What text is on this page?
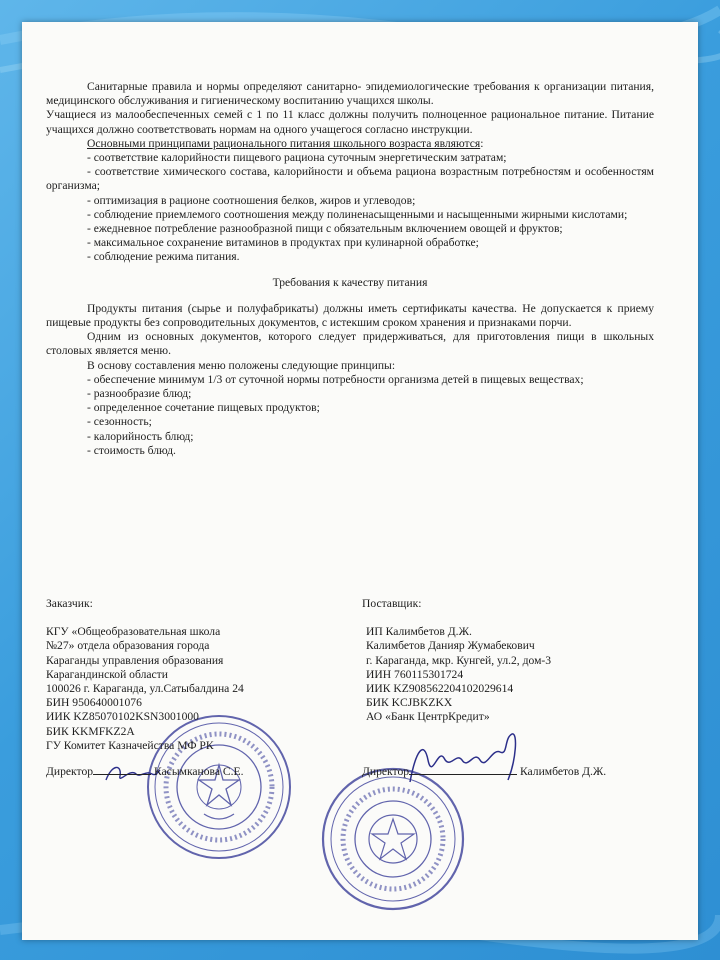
Санитарные правила и нормы определяют санитарно- эпидемиологические требования к организации питания, медицинского обслуживания и гигиеническому воспитанию учащихся школы.

Учащиеся из малообеспеченных семей с 1 по 11 класс должны получить полноценное рациональное питание. Питание учащихся должно соответствовать нормам на одного учащегося согласно инструкции.

Основными принципами рационального питания школьного возраста являются:

- соответствие калорийности пищевого рациона суточным энергетическим затратам;

- соответствие химического состава, калорийности и объема рациона возрастным потребностям и особенностям организма;

- оптимизация в рационе соотношения белков, жиров и углеводов;

- соблюдение приемлемого соотношения между полиненасыщенными и насыщенными жирными кислотами;

- ежедневное потребление разнообразной пищи с обязательным включением овощей и фруктов;

- максимальное сохранение витаминов в продуктах при кулинарной обработке;

- соблюдение режима питания.

Требования к качеству питания

Продукты питания (сырье и полуфабрикаты) должны иметь сертификаты качества. Не допускается к приему пищевые продукты без сопроводительных документов, с истекшим сроком хранения и признаками порчи.

Одним из основных документов, которого следует придерживаться, для приготовления пищи в школьных столовых является меню.

В основу составления меню положены следующие принципы:

- обеспечение минимум 1/3 от суточной нормы потребности организма детей в пищевых веществах;

- разнообразие блюд;

- определенное сочетание пищевых продуктов;

- сезонность;

- калорийность блюд;

- стоимость блюд.

Заказчик:

КГУ «Общеобразовательная школа

№27» отдела образования города

Караганды управления образования

Карагандинской области

100026 г. Караганда, ул.Сатыбалдина 24

БИН 950640001076

ИИК KZ85070102KSN3001000

БИК KKMFKZ2A

ГУ Комитет Казначейства МФ РК

Директор	Касымканова С.Е.

Поставщик:

ИП Калимбетов Д.Ж.

Калимбетов Данияр Жумабекович

г. Караганда, мкр. Кунгей, ул.2, дом-3

ИИН 760115301724

ИИК KZ908562204102029614

БИК KCJBKZKX

АО «Банк ЦентрКредит»

Директор	Калимбетов Д.Ж.
